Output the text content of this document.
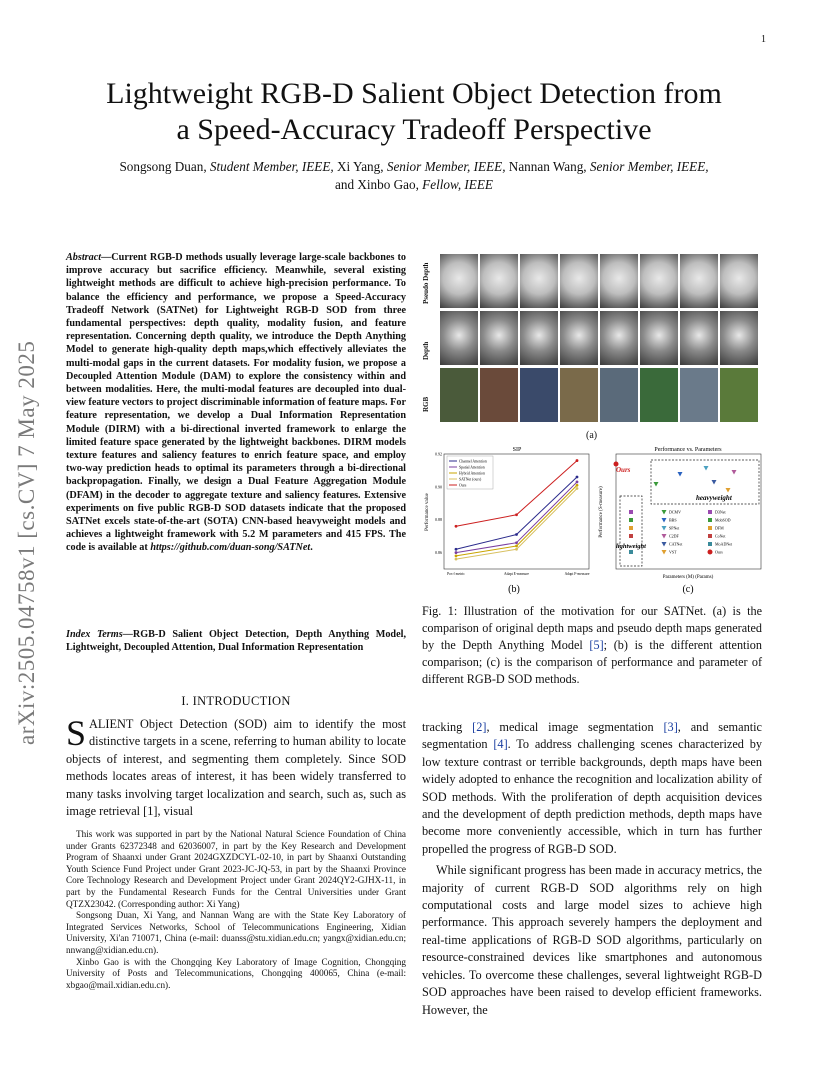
1
Lightweight RGB-D Salient Object Detection from
a Speed-Accuracy Tradeoff Perspective
Songsong Duan, Student Member, IEEE, Xi Yang, Senior Member, IEEE, Nannan Wang, Senior Member, IEEE,
and Xinbo Gao, Fellow, IEEE
arXiv:2505.04758v1 [cs.CV] 7 May 2025
Abstract—Current RGB-D methods usually leverage large-scale backbones to improve accuracy but sacrifice efficiency. Meanwhile, several existing lightweight methods are difficult to achieve high-precision performance. To balance the efficiency and performance, we propose a Speed-Accuracy Tradeoff Network (SATNet) for Lightweight RGB-D SOD from three fundamental perspectives: depth quality, modality fusion, and feature representation. Concerning depth quality, we introduce the Depth Anything Model to generate high-quality depth maps,which effectively alleviates the multi-modal gaps in the current datasets. For modality fusion, we propose a Decoupled Attention Module (DAM) to explore the consistency within and between modalities. Here, the multi-modal features are decoupled into dual-view feature vectors to project discriminable information of feature maps. For feature representation, we develop a Dual Information Representation Module (DIRM) with a bi-directional inverted framework to enlarge the limited feature space generated by the lightweight backbones. DIRM models texture features and saliency features to enrich feature space, and employ two-way prediction heads to optimal its parameters through a bi-directional backpropagation. Finally, we design a Dual Feature Aggregation Module (DFAM) in the decoder to aggregate texture and saliency features. Extensive experiments on five public RGB-D SOD datasets indicate that the proposed SATNet excels state-of-the-art (SOTA) CNN-based heavyweight models and achieves a lightweight framework with 5.2 M parameters and 415 FPS. The code is available at https://github.com/duan-song/SATNet.
Index Terms—RGB-D Salient Object Detection, Depth Anything Model, Lightweight, Decoupled Attention, Dual Information Representation
I. INTRODUCTION
SALIENT Object Detection (SOD) aim to identify the most distinctive targets in a scene, referring to human ability to locate objects of interest, and segmenting them completely. Since SOD methods locates areas of interest, it has been widely transferred to many tasks involving target localization and search, such as, such as image retrieval [1], visual

This work was supported in part by the National Natural Science Foundation of China under Grants 62372348 and 62036007, in part by the Key Research and Development Program of Shaanxi under Grant 2024GXZDCYL-02-10, in part by Shaanxi Outstanding Youth Science Fund Project under Grant 2023-JC-JQ-53, in part by the Shaanxi Province Core Technology Research and Development Project under Grant 2024QY2-GJHX-11, in part by the Fundamental Research Funds for the Central Universities under Grant QTZX23042. (Corresponding author: Xi Yang)

Songsong Duan, Xi Yang, and Nannan Wang are with the State Key Laboratory of Integrated Services Networks, School of Telecommunications Engineering, Xidian University, Xi'an 710071, China (e-mail: duanss@stu.xidian.edu.cn; yangx@xidian.edu.cn; nnwang@xidian.edu.cn).

Xinbo Gao is with the Chongqing Key Laboratory of Image Cognition, Chongqing University of Posts and Telecommunications, Chongqing 400065, China (e-mail: xbgao@mail.xidian.edu.cn).

Pseudo Depth
Depth
RGB
(a)
SIP
Performance value
0.86
0.88
0.90
0.92
Pos-f metric	Adapt E-measure	Adapt F-measure
Channel Attention
Spatial Attention
Hybrid Attention
SATNet (ours)
Ours
(b)
Performance vs. Parameters
Performance (S-measure)
Parameters (M) (Params)
Ours
heavyweight
lightweight
DCMV	D3Net
BBS	MobSOD
SPNet	DFM
C2DF	CoNet
CATNet	MoADNet
VST	Ours
(c)
Fig. 1: Illustration of the motivation for our SATNet. (a) is the comparison of original depth maps and pseudo depth maps generated by the Depth Anything Model [5]; (b) is the different attention comparison; (c) is the comparison of performance and parameter of different RGB-D SOD methods.

tracking [2], medical image segmentation [3], and semantic segmentation [4]. To address challenging scenes characterized by low texture contrast or terrible backgrounds, depth maps have been widely adopted to enhance the recognition and localization ability of SOD methods. With the proliferation of depth acquisition devices and the development of depth prediction methods, depth maps have become more conveniently accessible, which in turn has further propelled the progress of RGB-D SOD.

While significant progress has been made in accuracy metrics, the majority of current RGB-D SOD algorithms rely on high computational costs and large model sizes to achieve high performance. This approach severely hampers the deployment and real-time applications of RGB-D SOD algorithms, particularly on resource-constrained devices like smartphones and autonomous vehicles. To overcome these challenges, several lightweight RGB-D SOD approaches have been raised to develop efficient frameworks. However, the
